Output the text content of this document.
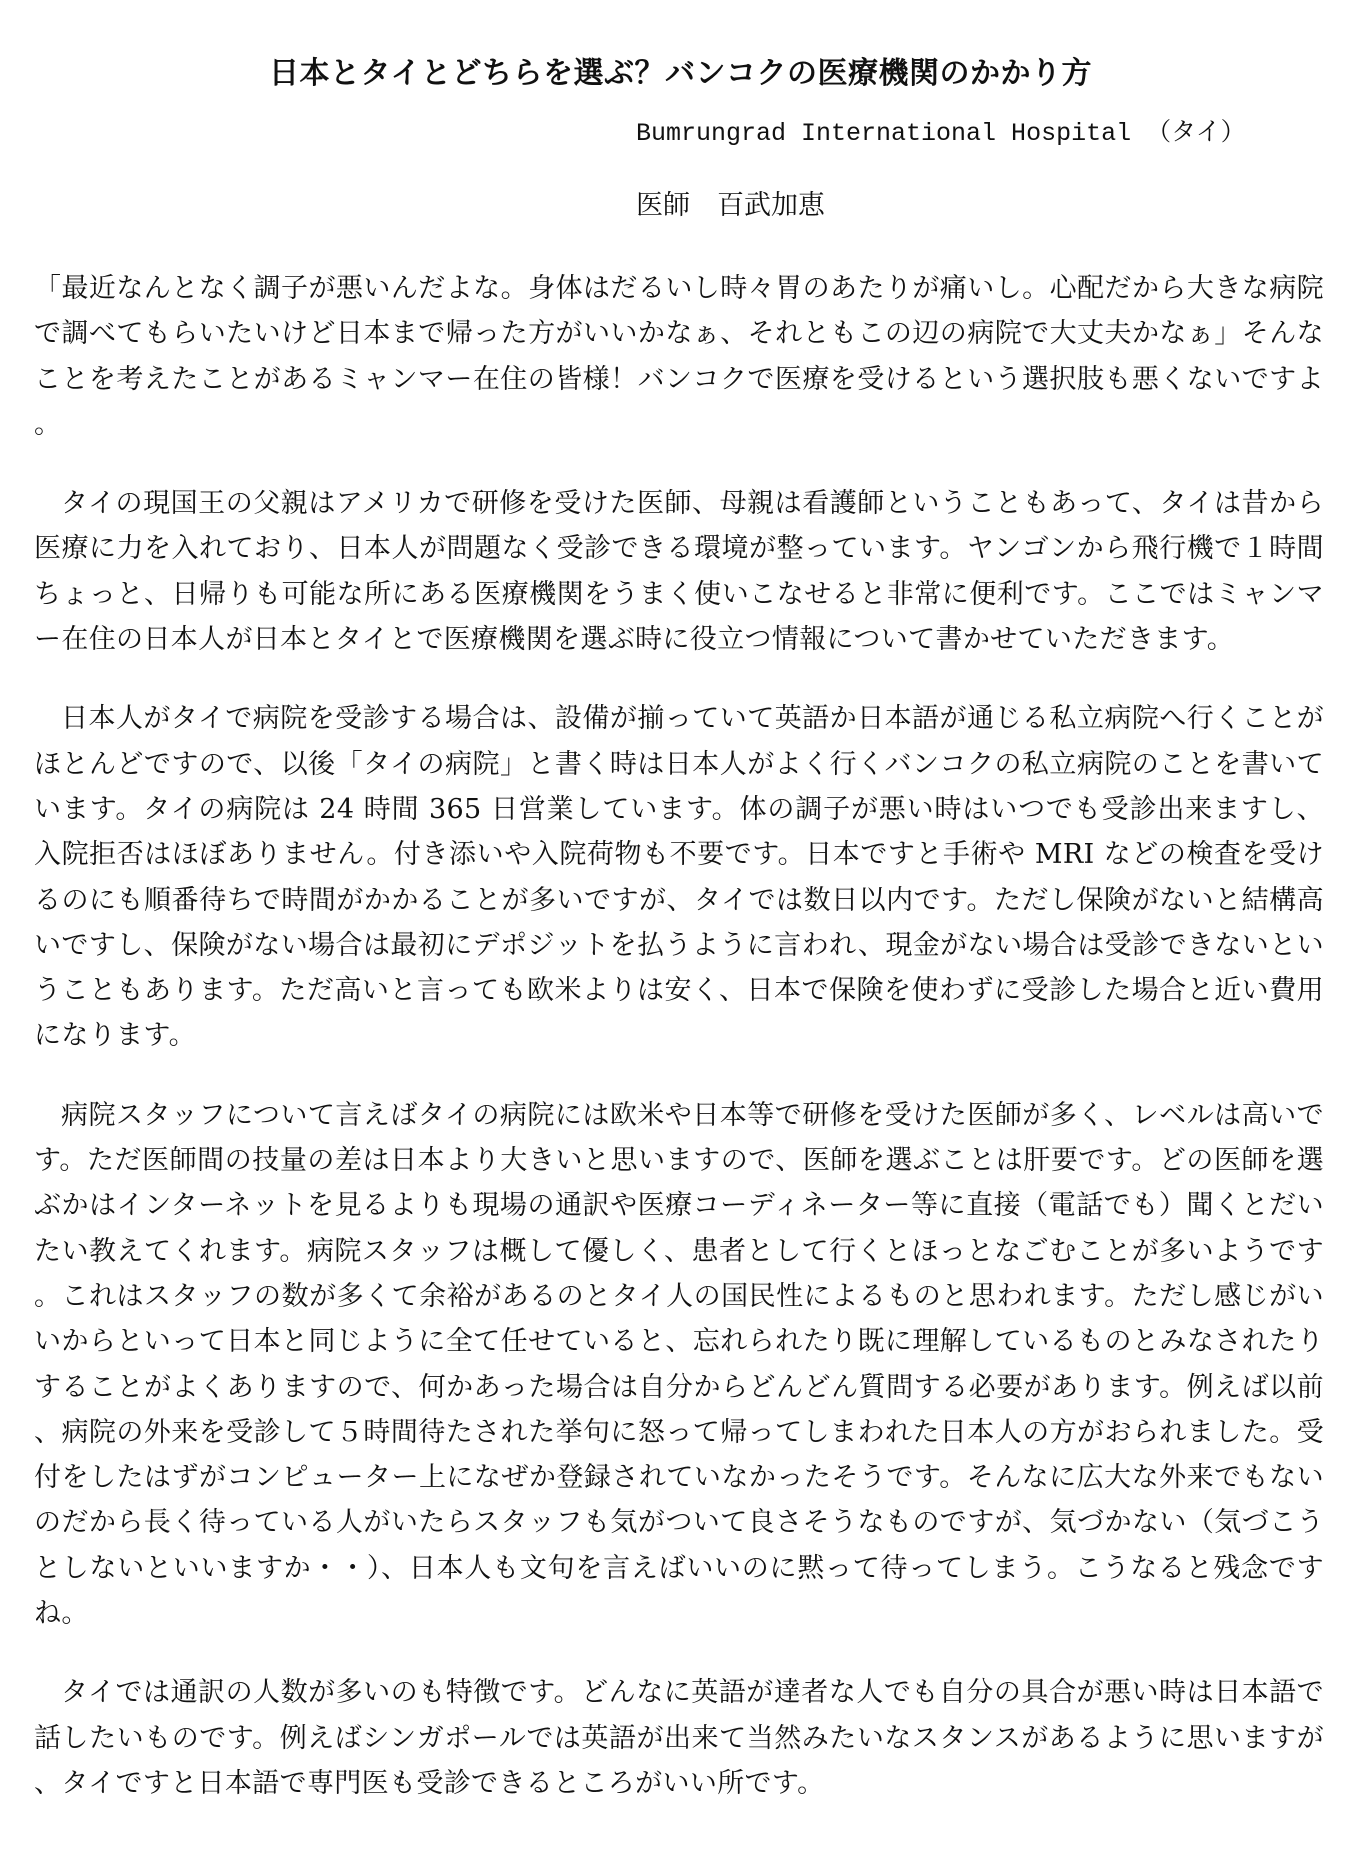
日本とタイとどちらを選ぶ？バンコクの医療機関のかかり方
Bumrungrad International Hospital （タイ）
医師　百武加恵

「最近なんとなく調子が悪いんだよな。身体はだるいし時々胃のあたりが痛いし。心配だから大きな病院で調べてもらいたいけど日本まで帰った方がいいかなぁ、それともこの辺の病院で大丈夫かなぁ」そんなことを考えたことがあるミャンマー在住の皆様！バンコクで医療を受けるという選択肢も悪くないですよ。

タイの現国王の父親はアメリカで研修を受けた医師、母親は看護師ということもあって、タイは昔から医療に力を入れており、日本人が問題なく受診できる環境が整っています。ヤンゴンから飛行機で１時間ちょっと、日帰りも可能な所にある医療機関をうまく使いこなせると非常に便利です。ここではミャンマー在住の日本人が日本とタイとで医療機関を選ぶ時に役立つ情報について書かせていただきます。

日本人がタイで病院を受診する場合は、設備が揃っていて英語か日本語が通じる私立病院へ行くことがほとんどですので、以後「タイの病院」と書く時は日本人がよく行くバンコクの私立病院のことを書いています。タイの病院は 24 時間 365 日営業しています。体の調子が悪い時はいつでも受診出来ますし、入院拒否はほぼありません。付き添いや入院荷物も不要です。日本ですと手術や MRI などの検査を受けるのにも順番待ちで時間がかかることが多いですが、タイでは数日以内です。ただし保険がないと結構高いですし、保険がない場合は最初にデポジットを払うように言われ、現金がない場合は受診できないということもあります。ただ高いと言っても欧米よりは安く、日本で保険を使わずに受診した場合と近い費用になります。

病院スタッフについて言えばタイの病院には欧米や日本等で研修を受けた医師が多く、レベルは高いです。ただ医師間の技量の差は日本より大きいと思いますので、医師を選ぶことは肝要です。どの医師を選ぶかはインターネットを見るよりも現場の通訳や医療コーディネーター等に直接（電話でも）聞くとだいたい教えてくれます。病院スタッフは概して優しく、患者として行くとほっとなごむことが多いようです。これはスタッフの数が多くて余裕があるのとタイ人の国民性によるものと思われます。ただし感じがいいからといって日本と同じように全て任せていると、忘れられたり既に理解しているものとみなされたりすることがよくありますので、何かあった場合は自分からどんどん質問する必要があります。例えば以前、病院の外来を受診して５時間待たされた挙句に怒って帰ってしまわれた日本人の方がおられました。受付をしたはずがコンピューター上になぜか登録されていなかったそうです。そんなに広大な外来でもないのだから長く待っている人がいたらスタッフも気がついて良さそうなものですが、気づかない（気づこうとしないといいますか・・）、日本人も文句を言えばいいのに黙って待ってしまう。こうなると残念ですね。

タイでは通訳の人数が多いのも特徴です。どんなに英語が達者な人でも自分の具合が悪い時は日本語で話したいものです。例えばシンガポールでは英語が出来て当然みたいなスタンスがあるように思いますが、タイですと日本語で専門医も受診できるところがいい所です。
